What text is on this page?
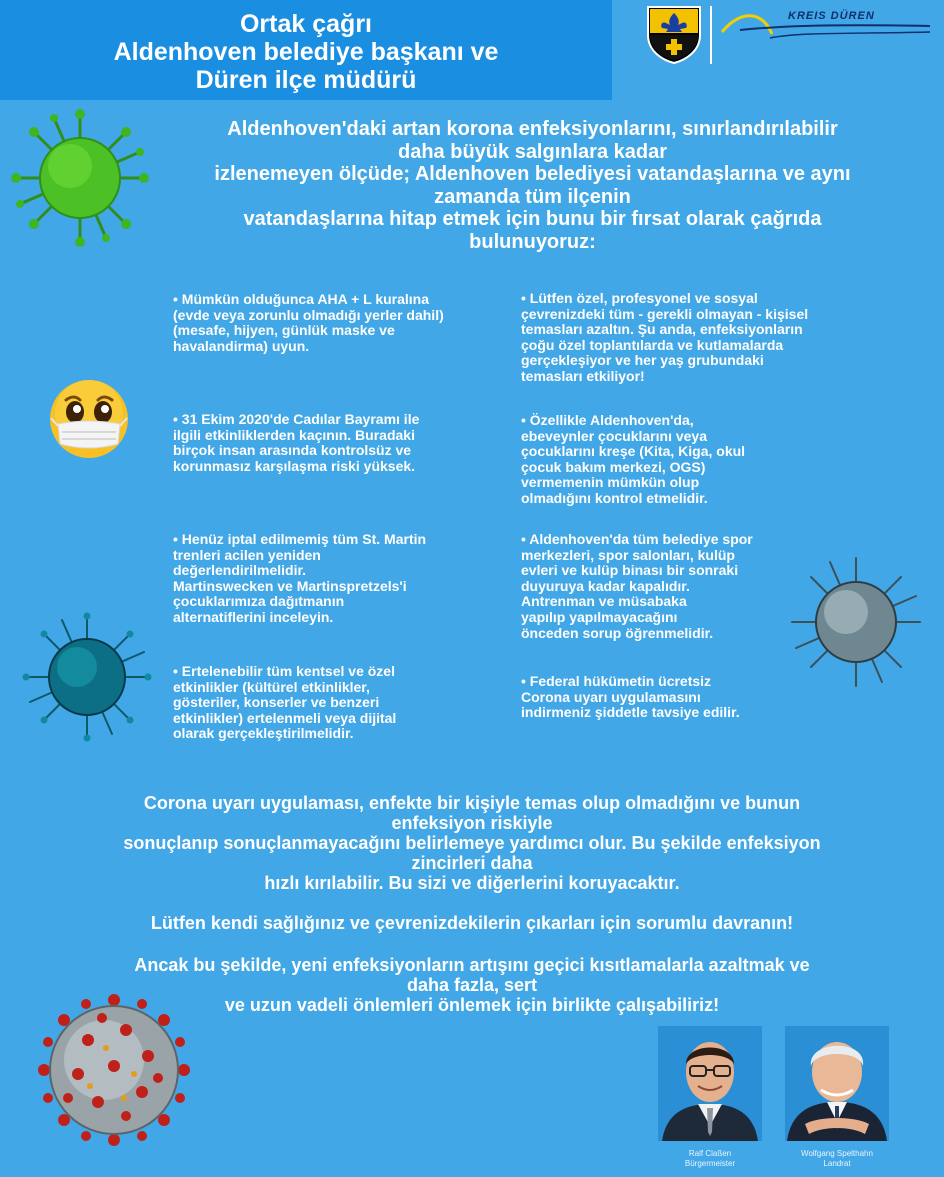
Ortak çağrı
Aldenhoven belediye başkanı ve
Düren ilçe müdürü
KREIS DÜREN
Aldenhoven'daki artan korona enfeksiyonlarını, sınırlandırılabilir
daha büyük salgınlara kadar
izlenemeyen ölçüde; Aldenhoven belediyesi vatandaşlarına ve aynı
zamanda tüm ilçenin
vatandaşlarına hitap etmek için bunu bir fırsat olarak çağrıda
bulunuyoruz:
• Mümkün olduğunca AHA + L kuralına
(evde veya zorunlu olmadığı yerler dahil)
(mesafe, hijyen, günlük maske ve
havalandirma) uyun.
• 31 Ekim 2020'de Cadılar Bayramı ile
ilgili etkinliklerden kaçının. Buradaki
birçok insan arasında kontrolsüz ve
korunmasız karşılaşma riski yüksek.
• Henüz iptal edilmemiş tüm St. Martin
trenleri acilen yeniden
değerlendirilmelidir.
Martinswecken ve Martinspretzels'i
çocuklarımıza dağıtmanın
alternatiflerini inceleyin.
• Ertelenebilir tüm kentsel ve özel
etkinlikler (kültürel etkinlikler,
gösteriler, konserler ve benzeri
etkinlikler) ertelenmeli veya dijital
olarak gerçekleştirilmelidir.
• Lütfen özel, profesyonel ve sosyal
çevrenizdeki tüm - gerekli olmayan - kişisel
temasları azaltın. Şu anda, enfeksiyonların
çoğu özel toplantılarda ve kutlamalarda
gerçekleşiyor ve her yaş grubundaki
temasları etkiliyor!
• Özellikle Aldenhoven'da,
ebeveynler çocuklarını veya
çocuklarını kreşe (Kita, Kiga, okul
çocuk bakım merkezi, OGS)
vermemenin mümkün olup
olmadığını kontrol etmelidir.
• Aldenhoven'da tüm belediye spor
merkezleri, spor salonları, kulüp
evleri ve kulüp binası bir sonraki
duyuruya kadar kapalıdır.
Antrenman ve müsabaka
yapılıp yapılmayacağını
önceden sorup öğrenmelidir.
• Federal hükümetin ücretsiz
Corona uyarı uygulamasını
indirmeniz şiddetle tavsiye edilir.
Corona uyarı uygulaması, enfekte bir kişiyle temas olup olmadığını ve bunun
enfeksiyon riskiyle
sonuçlanıp sonuçlanmayacağını belirlemeye yardımcı olur. Bu şekilde enfeksiyon
zincirleri daha
hızlı kırılabilir. Bu sizi ve diğerlerini koruyacaktır.
Lütfen kendi sağlığınız ve çevrenizdekilerin çıkarları için sorumlu davranın!
Ancak bu şekilde, yeni enfeksiyonların artışını geçici kısıtlamalarla azaltmak ve
daha fazla, sert
ve uzun vadeli önlemleri önlemek için birlikte çalışabiliriz!
Ralf Claßen
Bürgermeister
Wolfgang Spelthahn
Landrat
